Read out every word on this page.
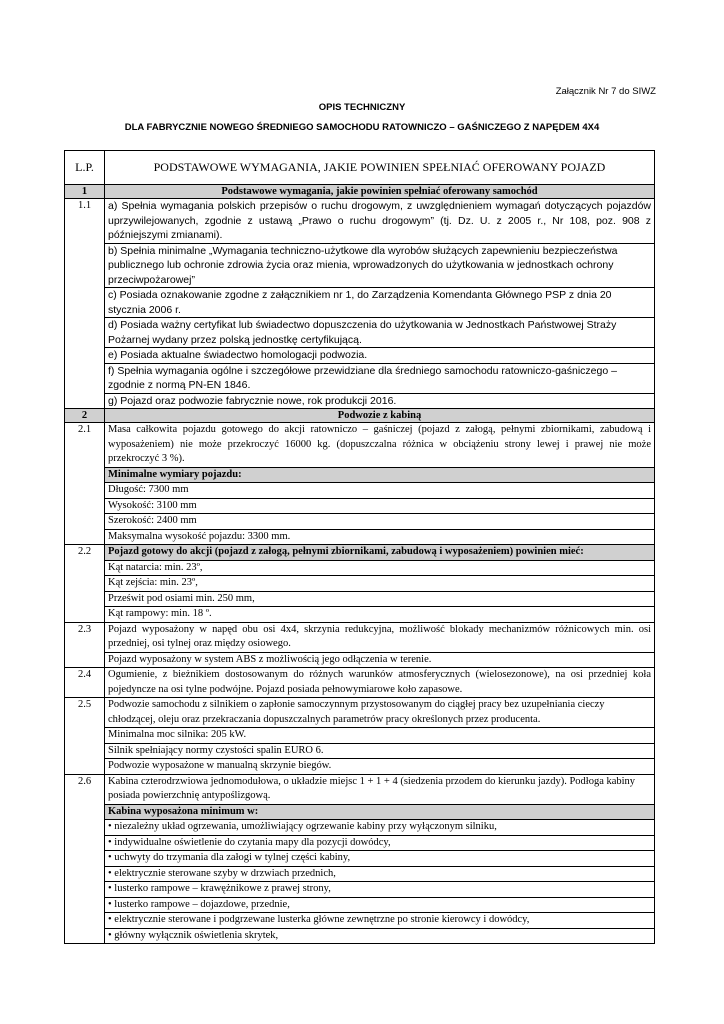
Załącznik Nr 7 do SIWZ
OPIS TECHNICZNY
DLA FABRYCZNIE NOWEGO ŚREDNIEGO SAMOCHODU RATOWNICZO – GAŚNICZEGO Z NAPĘDEM 4X4
L.P.	PODSTAWOWE WYMAGANIA, JAKIE POWINIEN SPEŁNIAĆ OFEROWANY POJAZD
1	Podstawowe wymagania, jakie powinien spełniać oferowany samochód
1.1	a) Spełnia wymagania polskich przepisów o ruchu drogowym, z uwzględnieniem wymagań dotyczących pojazdów uprzywilejowanych, zgodnie z ustawą „Prawo o ruchu drogowym” (tj. Dz. U. z 2005 r., Nr 108, poz. 908 z późniejszymi zmianami).
	b) Spełnia minimalne „Wymagania techniczno-użytkowe dla wyrobów służących zapewnieniu bezpieczeństwa publicznego lub ochronie zdrowia życia oraz mienia, wprowadzonych do użytkowania w jednostkach ochrony przeciwpożarowej”
	c) Posiada oznakowanie zgodne z załącznikiem nr 1, do Zarządzenia Komendanta Głównego PSP z dnia 20 stycznia 2006 r.
	d) Posiada ważny certyfikat lub świadectwo dopuszczenia do użytkowania w Jednostkach Państwowej Straży Pożarnej wydany przez polską jednostkę certyfikującą.
	e) Posiada aktualne świadectwo homologacji podwozia.
	f) Spełnia wymagania ogólne i szczegółowe przewidziane dla średniego samochodu ratowniczo-gaśniczego – zgodnie z normą PN-EN 1846.
	g) Pojazd oraz podwozie fabrycznie nowe, rok produkcji 2016.
2	Podwozie z kabiną
2.1	Masa całkowita pojazdu gotowego do akcji ratowniczo – gaśniczej (pojazd z załogą, pełnymi zbiornikami, zabudową i wyposażeniem) nie może przekroczyć 16000 kg. (dopuszczalna różnica w obciążeniu strony lewej i prawej nie może przekroczyć 3 %).
	Minimalne wymiary pojazdu:
	Długość: 7300 mm
	Wysokość: 3100 mm
	Szerokość: 2400 mm
	Maksymalna wysokość pojazdu: 3300 mm.
2.2	Pojazd gotowy do akcji (pojazd z załogą, pełnymi zbiornikami, zabudową i wyposażeniem) powinien mieć:
	Kąt natarcia: min. 23º,
	Kąt zejścia: min. 23º,
	Prześwit pod osiami min. 250 mm,
	Kąt rampowy: min. 18 º.
2.3	Pojazd wyposażony w napęd obu osi 4x4, skrzynia redukcyjna, możliwość blokady mechanizmów różnicowych min. osi przedniej, osi tylnej oraz między osiowego.
	Pojazd wyposażony w system ABS z możliwością jego odłączenia w terenie.
2.4	Ogumienie, z bieżnikiem dostosowanym do różnych warunków atmosferycznych (wielosezonowe), na osi przedniej koła pojedyncze na osi tylne podwójne. Pojazd posiada pełnowymiarowe koło zapasowe.
2.5	Podwozie samochodu z silnikiem o zapłonie samoczynnym przystosowanym do ciągłej pracy bez uzupełniania cieczy chłodzącej, oleju oraz przekraczania dopuszczalnych parametrów pracy określonych przez producenta.
	Minimalna moc silnika: 205 kW.
	Silnik spełniający normy czystości spalin EURO 6.
	Podwozie wyposażone w manualną skrzynie biegów.
2.6	Kabina czterodrzwiowa jednomodułowa, o układzie miejsc 1 + 1 + 4 (siedzenia przodem do kierunku jazdy). Podłoga kabiny posiada powierzchnię antypoślizgową.
	Kabina wyposażona minimum w:
	• niezależny układ ogrzewania, umożliwiający ogrzewanie kabiny przy wyłączonym silniku,
	• indywidualne oświetlenie do czytania mapy dla pozycji dowódcy,
	• uchwyty do trzymania dla załogi w tylnej części kabiny,
	• elektrycznie sterowane szyby w drzwiach przednich,
	• lusterko rampowe – krawężnikowe z prawej strony,
	• lusterko rampowe – dojazdowe, przednie,
	• elektrycznie sterowane i podgrzewane lusterka główne zewnętrzne po stronie kierowcy i dowódcy,
	• główny wyłącznik oświetlenia skrytek,
